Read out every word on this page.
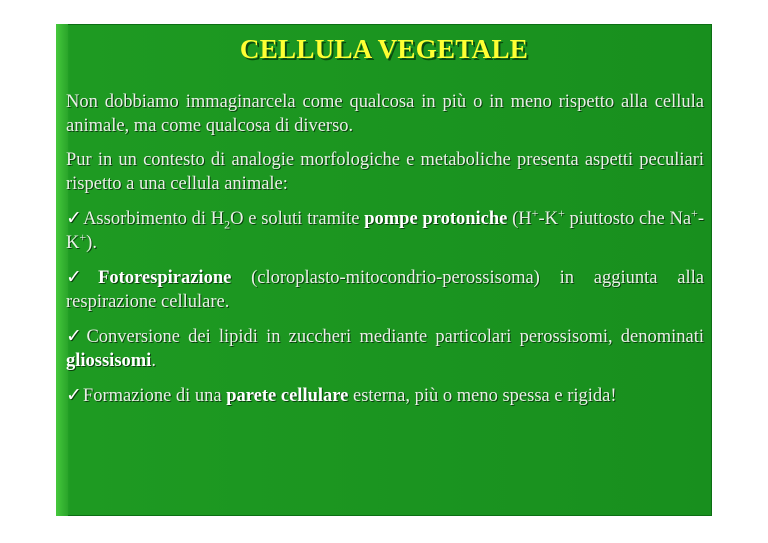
CELLULA VEGETALE

Non dobbiamo immaginarcela come qualcosa in più o in meno rispetto alla cellula animale, ma come qualcosa di diverso.

Pur in un contesto di analogie morfologiche e metaboliche presenta aspetti peculiari rispetto a una cellula animale:

✓Assorbimento di $H_2O$ e soluti tramite pompe protoniche (H+-K+ piuttosto che Na+-K+).

✓Fotorespirazione (cloroplasto-mitocondrio-perossisoma) in aggiunta alla respirazione cellulare.

✓Conversione dei lipidi in zuccheri mediante particolari perossisomi, denominati gliossisomi.

✓Formazione di una parete cellulare esterna, più o meno spessa e rigida!
